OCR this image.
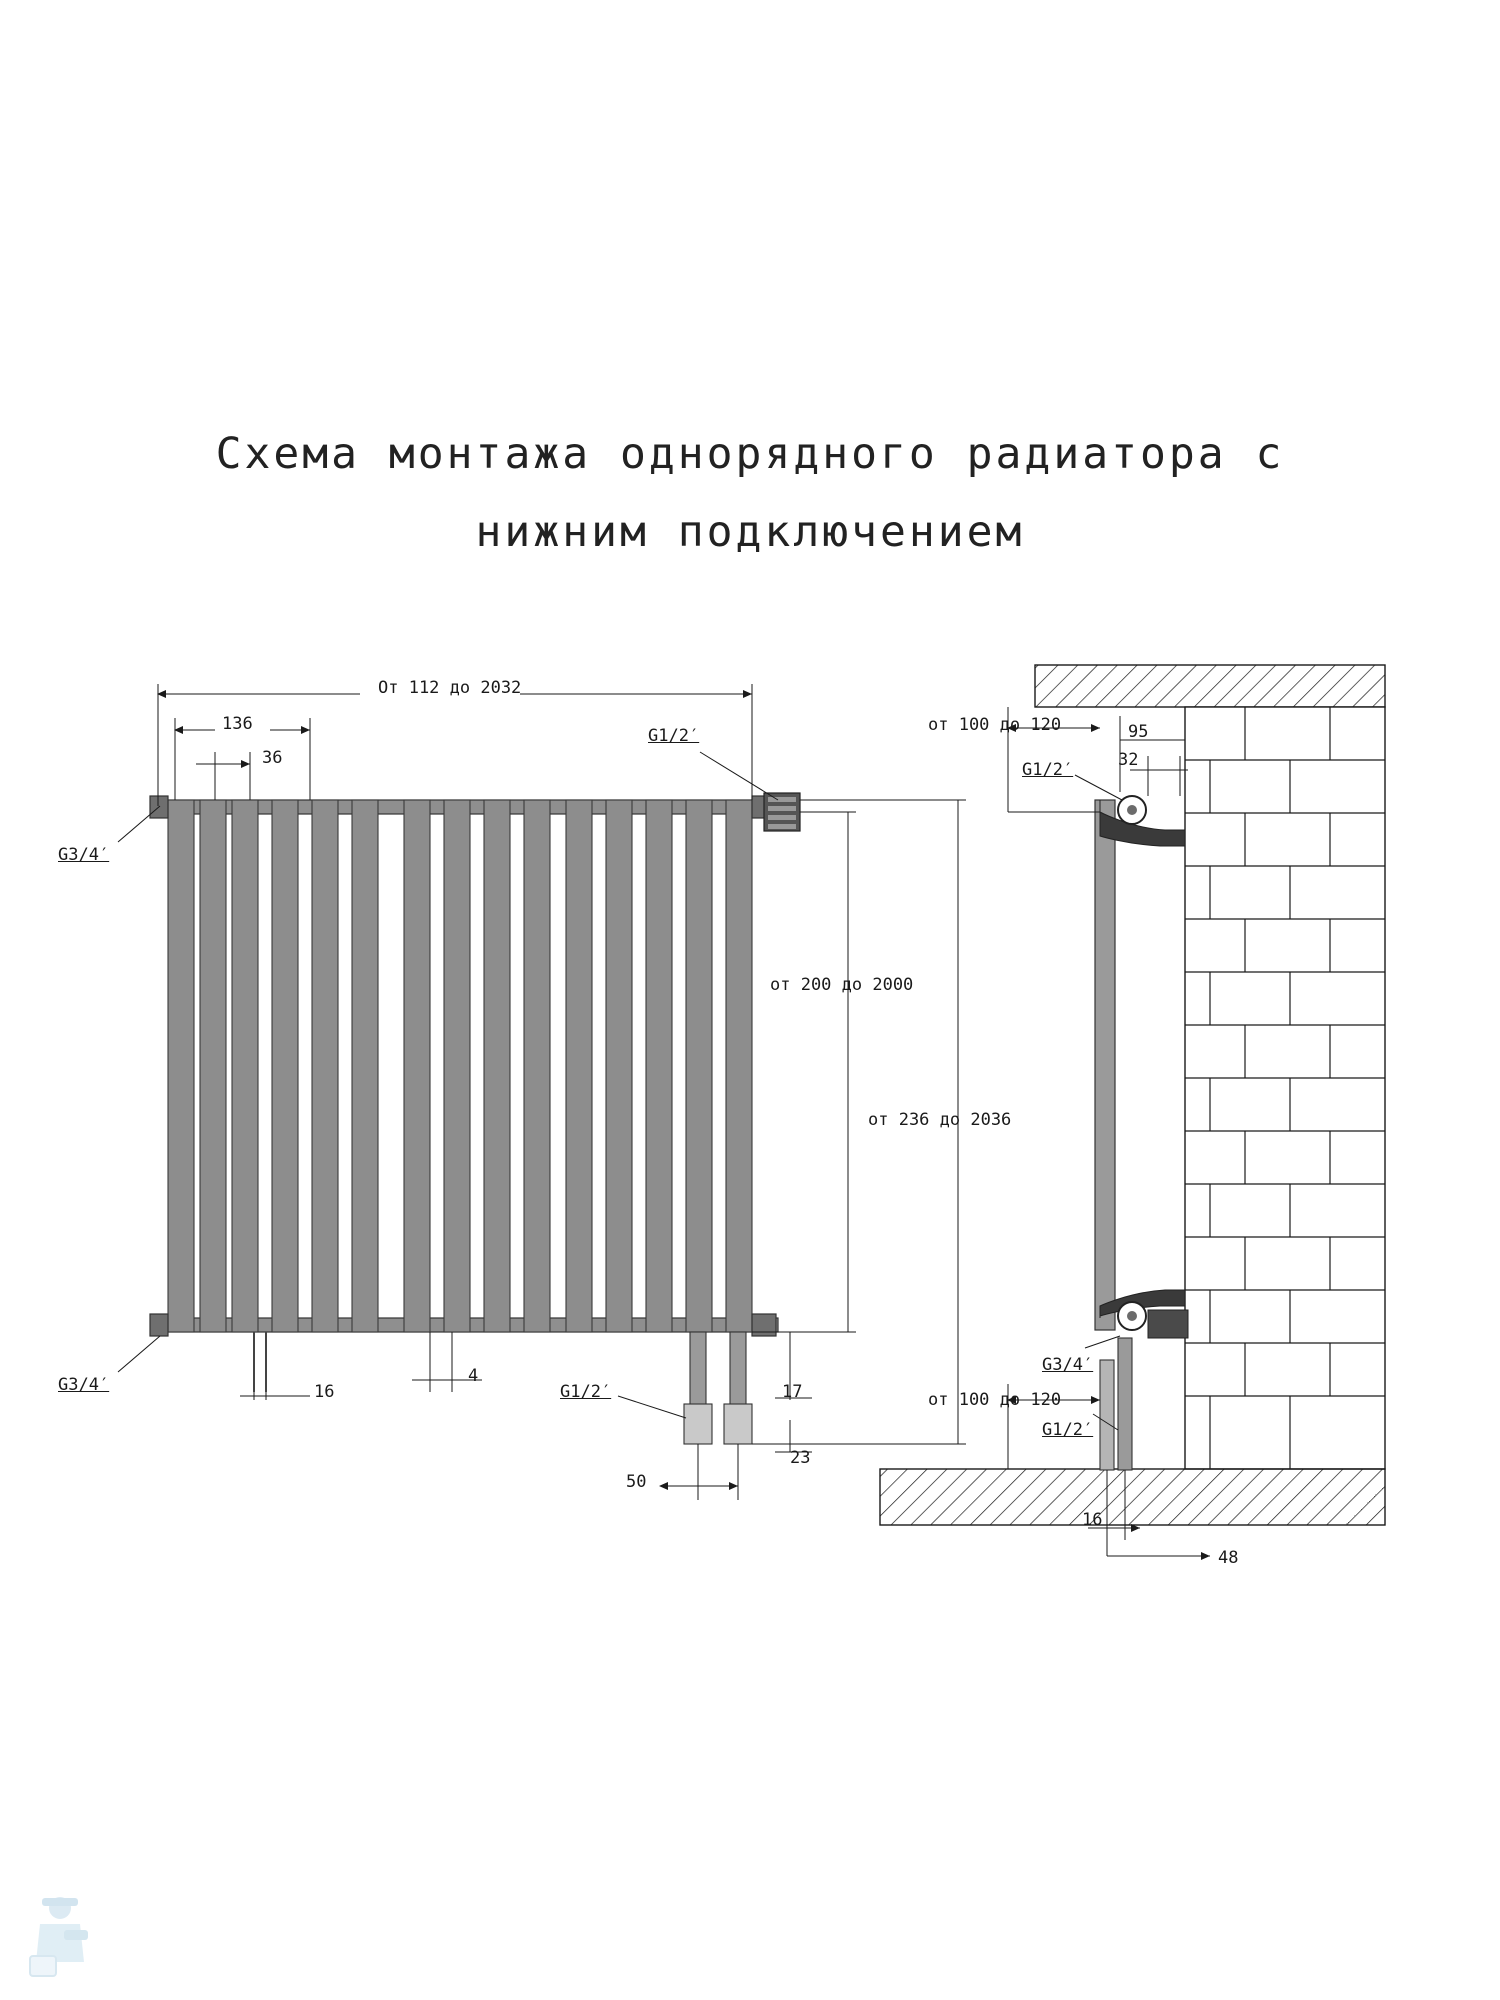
Схема монтажа однорядного радиатора с
нижним подключением
От 112 до 2032
136
36
4
16
50
17
23
от 200 до 2000
от 236 до 2036
G3/4′
G3/4′
G1/2′
G1/2′
от 100 до 120	95
32
от 100 до 120
16
48
G1/2′
G3/4′
G1/2′
